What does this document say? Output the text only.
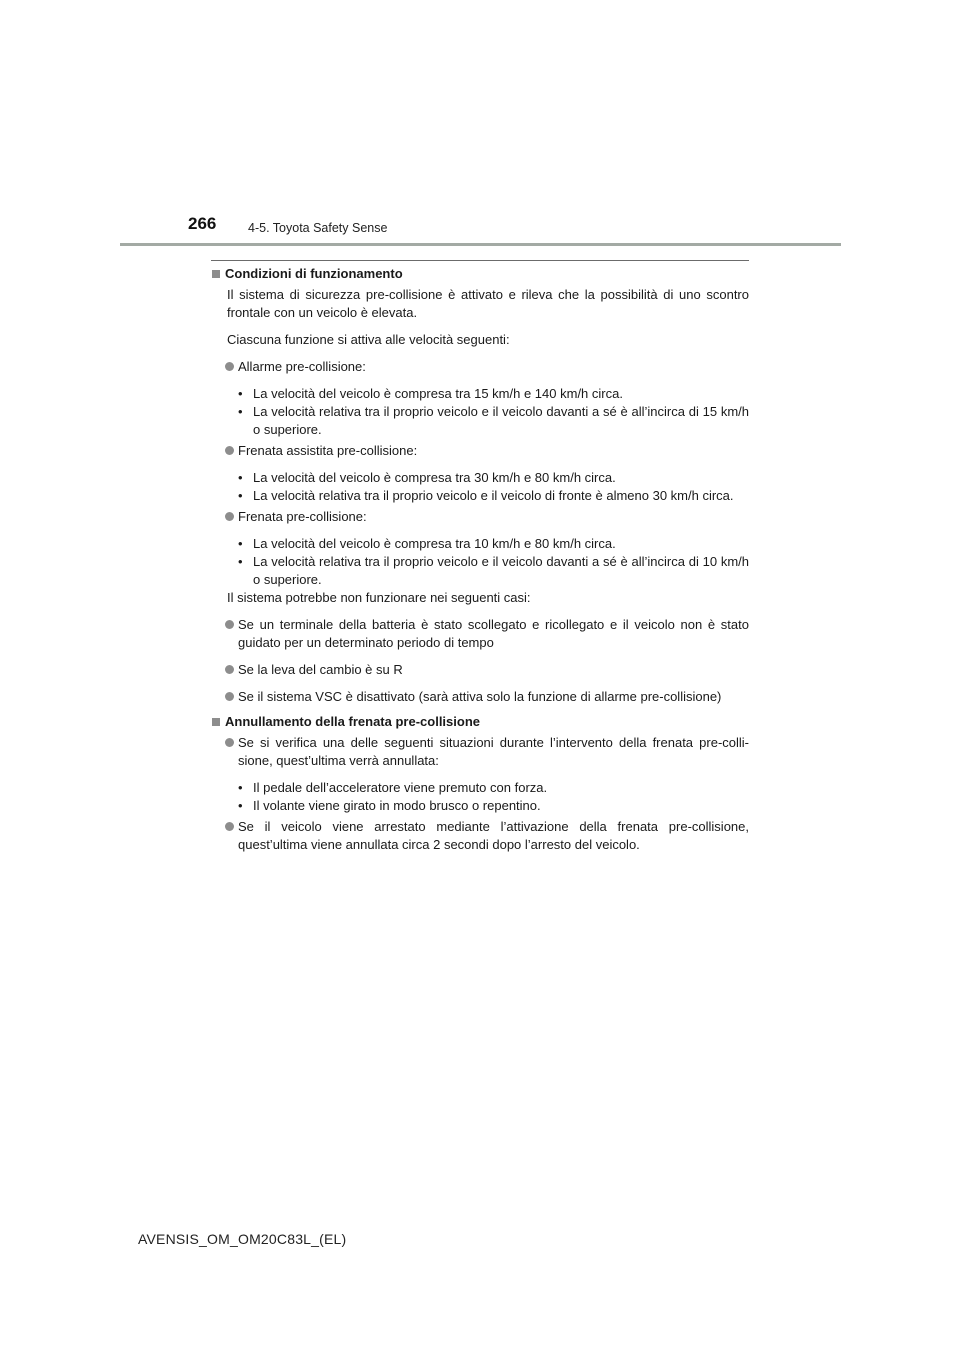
266	4-5. Toyota Safety Sense

Condizioni di funzionamento

Il sistema di sicurezza pre-collisione è attivato e rileva che la possibilità di uno scontro frontale con un veicolo è elevata.

Ciascuna funzione si attiva alle velocità seguenti:

Allarme pre-collisione:

• La velocità del veicolo è compresa tra 15 km/h e 140 km/h circa.

• La velocità relativa tra il proprio veicolo e il veicolo davanti a sé è all’incirca di 15 km/h o superiore.

Frenata assistita pre-collisione:

• La velocità del veicolo è compresa tra 30 km/h e 80 km/h circa.

• La velocità relativa tra il proprio veicolo e il veicolo di fronte è almeno 30 km/h circa.

Frenata pre-collisione:

• La velocità del veicolo è compresa tra 10 km/h e 80 km/h circa.

• La velocità relativa tra il proprio veicolo e il veicolo davanti a sé è all’incirca di 10 km/h o superiore.

Il sistema potrebbe non funzionare nei seguenti casi:

Se un terminale della batteria è stato scollegato e ricollegato e il veicolo non è stato guidato per un determinato periodo di tempo

Se la leva del cambio è su R

Se il sistema VSC è disattivato (sarà attiva solo la funzione di allarme pre-collisione)

Annullamento della frenata pre-collisione

Se si verifica una delle seguenti situazioni durante l’intervento della frenata pre-colli- sione, quest’ultima verrà annullata:

• Il pedale dell’acceleratore viene premuto con forza.

• Il volante viene girato in modo brusco o repentino.

Se il veicolo viene arrestato mediante l’attivazione della frenata pre-collisione, quest’ultima viene annullata circa 2 secondi dopo l’arresto del veicolo.

AVENSIS_OM_OM20C83L_(EL)
